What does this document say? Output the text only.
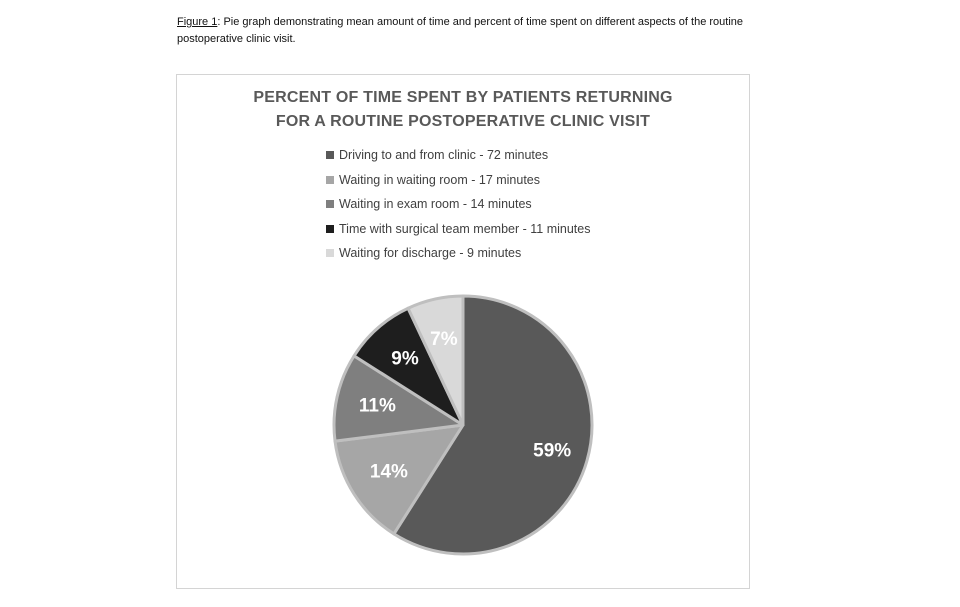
Figure 1: Pie graph demonstrating mean amount of time and percent of time spent on different aspects of the routine postoperative clinic visit.
PERCENT OF TIME SPENT BY PATIENTS RETURNING
FOR A ROUTINE POSTOPERATIVE CLINIC VISIT
Driving to and from clinic - 72 minutes
Waiting in waiting room - 17 minutes
Waiting in exam room - 14 minutes
Time with surgical team member - 11 minutes
Waiting for discharge - 9 minutes
59%
14%
11%
9%
7%
